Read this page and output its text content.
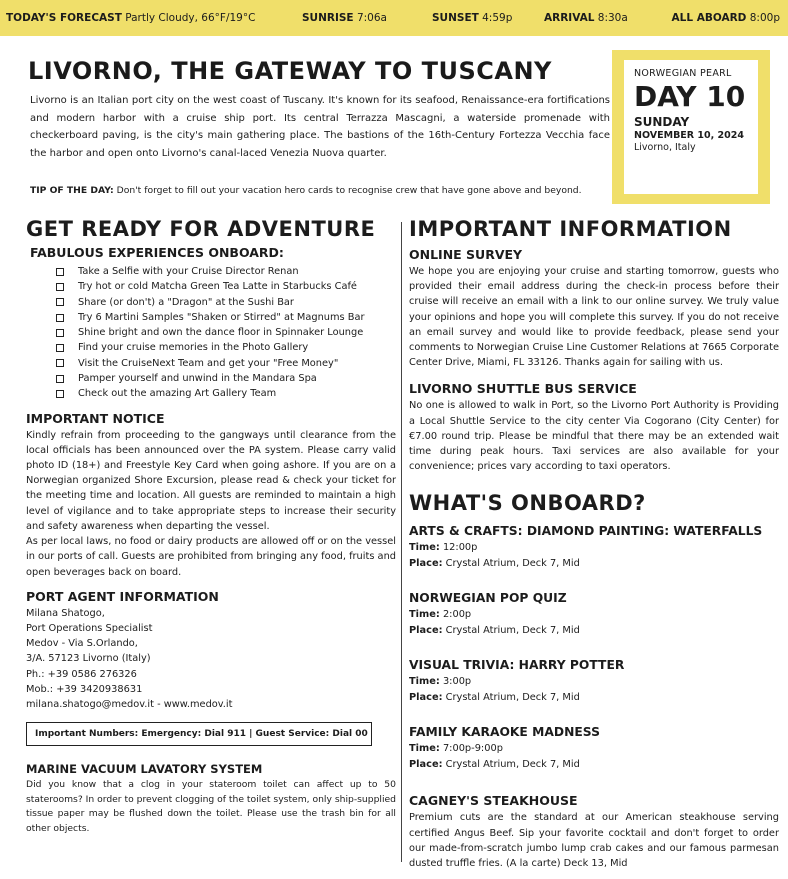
TODAY'S FORECAST Partly Cloudy, 66°F/19°C	SUNRISE 7:06a	SUNSET 4:59p	ARRIVAL 8:30a	ALL ABOARD 8:00p
LIVORNO, THE GATEWAY TO TUSCANY

Livorno is an Italian port city on the west coast of Tuscany. It's known for its seafood, Renaissance-era fortifications and modern harbor with a cruise ship port. Its central Terrazza Mascagni, a waterside promenade with checkerboard paving, is the city's main gathering place. The bastions of the 16th-Century Fortezza Vecchia face the harbor and open onto Livorno's canal-laced Venezia Nuova quarter.

TIP OF THE DAY: Don't forget to fill out your vacation hero cards to recognise crew that have gone above and beyond.

NORWEGIAN PEARL
DAY 10
SUNDAY
NOVEMBER 10, 2024
Livorno, Italy
GET READY FOR ADVENTURE
FABULOUS EXPERIENCES ONBOARD:
Take a Selfie with your Cruise Director Renan
Try hot or cold Matcha Green Tea Latte in Starbucks Café
Share (or don't) a "Dragon" at the Sushi Bar
Try 6 Martini Samples "Shaken or Stirred" at Magnums Bar
Shine bright and own the dance floor in Spinnaker Lounge
Find your cruise memories in the Photo Gallery
Visit the CruiseNext Team and get your "Free Money"
Pamper yourself and unwind in the Mandara Spa
Check out the amazing Art Gallery Team
IMPORTANT NOTICE

Kindly refrain from proceeding to the gangways until clearance from the local officials has been announced over the PA system. Please carry valid photo ID (18+) and Freestyle Key Card when going ashore. If you are on a Norwegian organized Shore Excursion, please read & check your ticket for the meeting time and location. All guests are reminded to maintain a high level of vigilance and to take appropriate steps to increase their security and safety awareness when departing the vessel.

As per local laws, no food or dairy products are allowed off or on the vessel in our ports of call. Guests are prohibited from bringing any food, fruits and open beverages back on board.

PORT AGENT INFORMATION
Milana Shatogo,
Port Operations Specialist
Medov - Via S.Orlando,
3/A. 57123 Livorno (Italy)
Ph.: +39 0586 276326
Mob.: +39 3420938631
milana.shatogo@medov.it - www.medov.it
Important Numbers: Emergency: Dial 911 | Guest Service: Dial 00
MARINE VACUUM LAVATORY SYSTEM

Did you know that a clog in your stateroom toilet can affect up to 50 staterooms? In order to prevent clogging of the toilet system, only ship-supplied tissue paper may be flushed down the toilet. Please use the trash bin for all other objects.

IMPORTANT INFORMATION
ONLINE SURVEY

We hope you are enjoying your cruise and starting tomorrow, guests who provided their email address during the check-in process before their cruise will receive an email with a link to our online survey. We truly value your opinions and hope you will complete this survey. If you do not receive an email survey and would like to provide feedback, please send your comments to Norwegian Cruise Line Customer Relations at 7665 Corporate Center Drive, Miami, FL 33126. Thanks again for sailing with us.

LIVORNO SHUTTLE BUS SERVICE

No one is allowed to walk in Port, so the Livorno Port Authority is Providing a Local Shuttle Service to the city center Via Cogorano (City Center) for €7.00 round trip. Please be mindful that there may be an extended wait time during peak hours. Taxi services are also available for your convenience; prices vary according to taxi operators.

WHAT'S ONBOARD?
ARTS & CRAFTS: DIAMOND PAINTING: WATERFALLS
Time: 12:00p
Place: Crystal Atrium, Deck 7, Mid
NORWEGIAN POP QUIZ
Time: 2:00p
Place: Crystal Atrium, Deck 7, Mid
VISUAL TRIVIA: HARRY POTTER
Time: 3:00p
Place: Crystal Atrium, Deck 7, Mid
FAMILY KARAOKE MADNESS
Time: 7:00p-9:00p
Place: Crystal Atrium, Deck 7, Mid
CAGNEY'S STEAKHOUSE

Premium cuts are the standard at our American steakhouse serving certified Angus Beef. Sip your favorite cocktail and don't forget to order our made-from-scratch jumbo lump crab cakes and our famous parmesan dusted truffle fries. (A la carte) Deck 13, Mid
